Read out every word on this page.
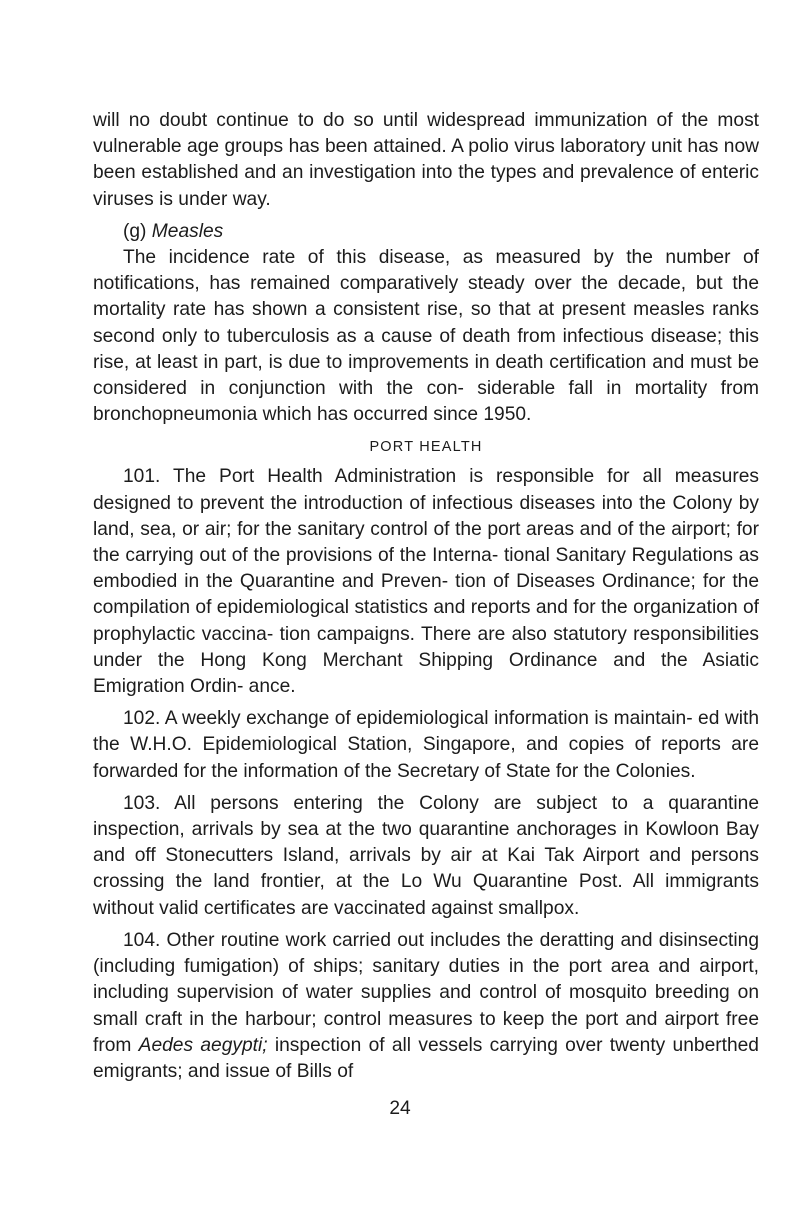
will no doubt continue to do so until widespread immunization of the most vulnerable age groups has been attained. A polio virus laboratory unit has now been established and an investigation into the types and prevalence of enteric viruses is under way.

(g) Measles

The incidence rate of this disease, as measured by the number of notifications, has remained comparatively steady over the decade, but the mortality rate has shown a consistent rise, so that at present measles ranks second only to tuberculosis as a cause of death from infectious disease; this rise, at least in part, is due to improvements in death certification and must be considered in conjunction with the con- siderable fall in mortality from bronchopneumonia which has occurred since 1950.

PORT HEALTH

101. The Port Health Administration is responsible for all measures designed to prevent the introduction of infectious diseases into the Colony by land, sea, or air; for the sanitary control of the port areas and of the airport; for the carrying out of the provisions of the Interna- tional Sanitary Regulations as embodied in the Quarantine and Preven- tion of Diseases Ordinance; for the compilation of epidemiological statistics and reports and for the organization of prophylactic vaccina- tion campaigns. There are also statutory responsibilities under the Hong Kong Merchant Shipping Ordinance and the Asiatic Emigration Ordin- ance.

102. A weekly exchange of epidemiological information is maintain- ed with the W.H.O. Epidemiological Station, Singapore, and copies of reports are forwarded for the information of the Secretary of State for the Colonies.

103. All persons entering the Colony are subject to a quarantine inspection, arrivals by sea at the two quarantine anchorages in Kowloon Bay and off Stonecutters Island, arrivals by air at Kai Tak Airport and persons crossing the land frontier, at the Lo Wu Quarantine Post. All immigrants without valid certificates are vaccinated against smallpox.

104. Other routine work carried out includes the deratting and disinsecting (including fumigation) of ships; sanitary duties in the port area and airport, including supervision of water supplies and control of mosquito breeding on small craft in the harbour; control measures to keep the port and airport free from Aedes aegypti; inspection of all vessels carrying over twenty unberthed emigrants; and issue of Bills of

24
